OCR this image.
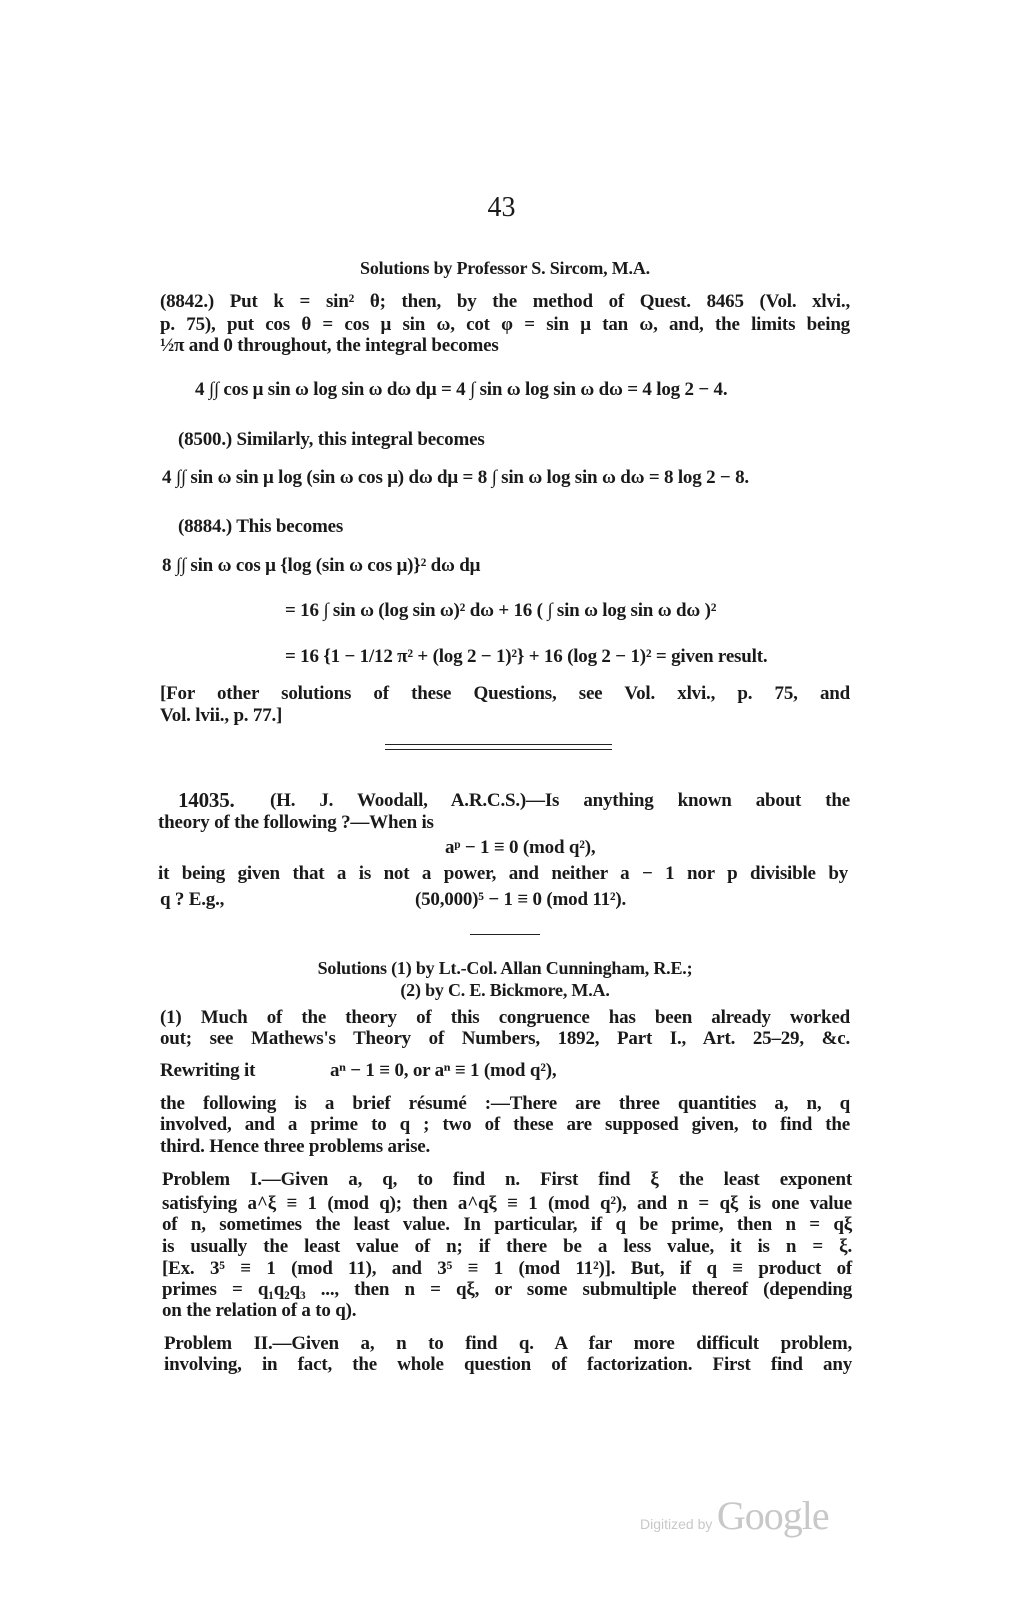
43
Solutions by Professor S. Sircom, M.A.
(8842.) Put k = sin² θ; then, by the method of Quest. 8465 (Vol. xlvi.,
p. 75), put cos θ = cos μ sin ω, cot φ = sin μ tan ω, and, the limits being
½π and 0 throughout, the integral becomes
4 ∫∫ cos μ sin ω log sin ω dω dμ = 4 ∫ sin ω log sin ω dω = 4 log 2 − 4.
(8500.) Similarly, this integral becomes
4 ∫∫ sin ω sin μ log (sin ω cos μ) dω dμ = 8 ∫ sin ω log sin ω dω = 8 log 2 − 8.
(8884.) This becomes
8 ∫∫ sin ω cos μ {log (sin ω cos μ)}² dω dμ
= 16 ∫ sin ω (log sin ω)² dω + 16 ( ∫ sin ω log sin ω dω )²
= 16 {1 − 1/12 π² + (log 2 − 1)²} + 16 (log 2 − 1)² = given result.
[For other solutions of these Questions, see Vol. xlvi., p. 75, and
Vol. lvii., p. 77.]
14035.	(H. J. Woodall, A.R.C.S.)—Is anything known about the
theory of the following ?—When is
aᵖ − 1 ≡ 0 (mod q²),
it being given that a is not a power, and neither a − 1 nor p divisible by
q ? E.g.,	(50,000)⁵ − 1 ≡ 0 (mod 11²).
Solutions (1) by Lt.-Col. Allan Cunningham, R.E.;
(2) by C. E. Bickmore, M.A.
(1) Much of the theory of this congruence has been already worked
out; see Mathews's Theory of Numbers, 1892, Part I., Art. 25–29, &c.
Rewriting it	aⁿ − 1 ≡ 0, or aⁿ ≡ 1 (mod q²),
the following is a brief résumé :—There are three quantities a, n, q
involved, and a prime to q ; two of these are supposed given, to find the
third. Hence three problems arise.
Problem I.—Given a, q, to find n. First find ξ the least exponent
satisfying a^ξ ≡ 1 (mod q); then a^qξ ≡ 1 (mod q²), and n = qξ is one value
of n, sometimes the least value. In particular, if q be prime, then n = qξ
is usually the least value of n; if there be a less value, it is n = ξ.
[Ex. 3⁵ ≡ 1 (mod 11), and 3⁵ ≡ 1 (mod 11²)]. But, if q ≡ product of
primes = q₁q₂q₃ ..., then n = qξ, or some submultiple thereof (depending
on the relation of a to q).
Problem II.—Given a, n to find q. A far more difficult problem,
involving, in fact, the whole question of factorization. First find any
Digitized by Google
